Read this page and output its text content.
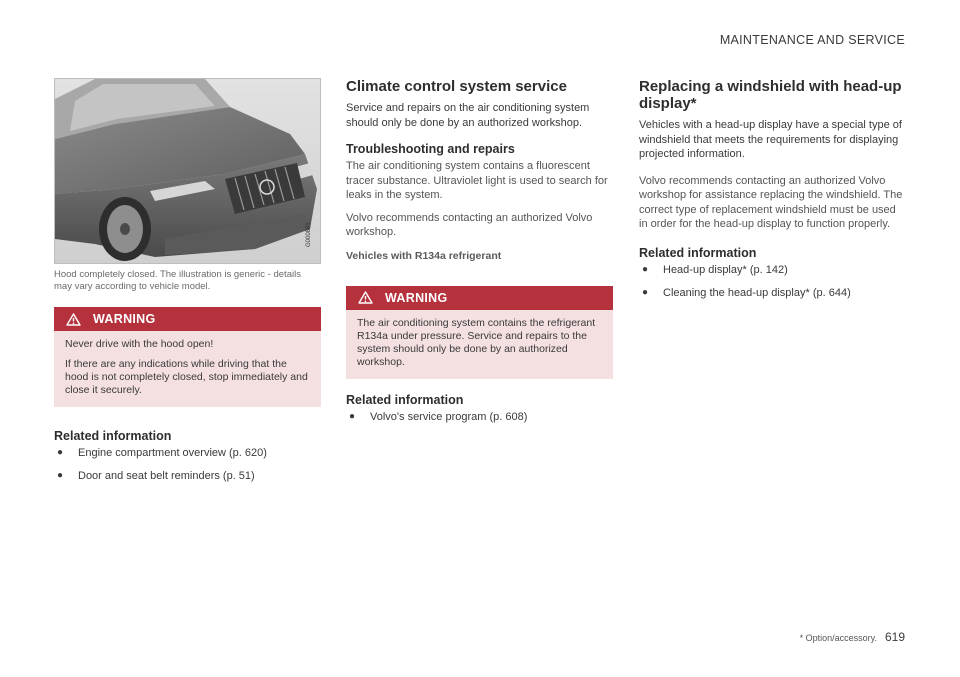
MAINTENANCE AND SERVICE
G000881
Hood completely closed. The illustration is generic - details may vary according to vehicle model.
WARNING

Never drive with the hood open!

If there are any indications while driving that the hood is not completely closed, stop immediately and close it securely.

Related information
●	Engine compartment overview (p. 620)
●	Door and seat belt reminders (p. 51)
Climate control system service

Service and repairs on the air conditioning system should only be done by an authorized workshop.

Troubleshooting and repairs

The air conditioning system contains a fluorescent tracer substance. Ultraviolet light is used to search for leaks in the system.

Volvo recommends contacting an authorized Volvo workshop.

Vehicles with R134a refrigerant
WARNING

The air conditioning system contains the refrigerant R134a under pressure. Service and repairs to the system should only be done by an authorized workshop.

Related information
●	Volvo's service program (p. 608)
Replacing a windshield with head-up display*

Vehicles with a head-up display have a special type of windshield that meets the requirements for displaying projected information.

Volvo recommends contacting an authorized Volvo workshop for assistance replacing the windshield. The correct type of replacement windshield must be used in order for the head-up display to function properly.

Related information
●	Head-up display* (p. 142)
●	Cleaning the head-up display* (p. 644)
* Option/accessory. 619
